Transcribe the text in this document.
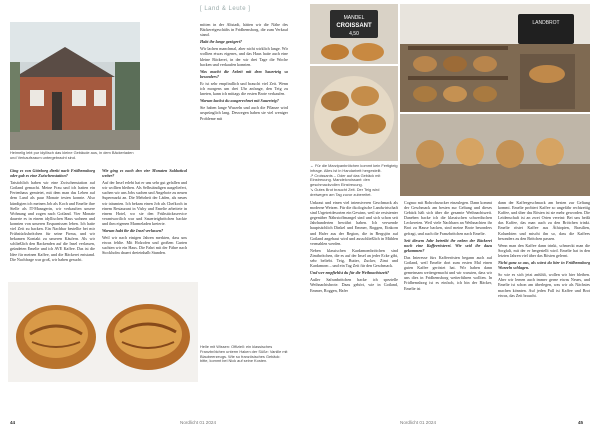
[ Land & Leute ]
Heimelig lebt pur idyllisch das kleine Gebäude aus, in dem Bäckerladen und Verkaufsraum untergebracht sind.

Ging es von Göteborg direkt nach Fridhemsborg oder gab es eine Zwischenstation?

Tatsächlich haben wir eine Zwischenstation auf Gotland gemacht. Meine Frau und ich hatten ein Ferienhaus gemietet, mit dem man das Leben auf dem Land als paar Monate testen konnte. Also kündigten ich meinen Job als Koch und Emelie ihre Stelle als IT-Managerin, wir verkauften unsere Wohnung und zogen nach Gotland. Vier Monate dauerte es in einem idyllischen Haus wohnen und konnten von unseren Ersparnissen leben. Ich hatte viel Zeit zu backen. Ein Nachbar bestellte bei mir Frühstücksbrötchen für seine Firma, und wir bekamen Kontakt zu unseren Käufern. Als wir schließlich den Backenden auf die Insel verlassen, gründeten Emelie und ich AVE Kaffee. Das ist die Idee für meinen Kaffee, und die Bäckerei entstand. Die Nachfrage war groß, wir haben gesucht.

Wie ging es nach den vier Monaten Sabbatical weiter?

Auf der Insel erlebt hat er uns sehr gut gefallen und wir wollten bleiben. Als Selbständigen ausgeliefert, suchen wir uns Jobs suchen und Angebote zu neuen Supermarkt an. Die Mehrheit der Läden, als neues wir träumten. Ich bekam einen Job als Chefkoch in einem Restaurant in Visby und Emelie arbeitete in einem Hotel, wo sie den Frühstücksservice verantwortlich war und Sauerteigbrötchen backte und ihm eigenen Marmeladen kreierte.

Warum habt ihr die Insel verlassen?

Weil wir nach einigen Jahren merkten, dass uns etwas fehlte. Mit Holzofen und großem Garten suchten wir ein Haus. Die Fahrt mit der Fähre nach Stockholm dauert dreieinhalb Stunden.

mitten in der Altstadt, hätten wir die Nähe des Bäckereigeschäfts in Fridhemsborg, die zum Verkauf stand.

Habt ihr lange gezögert?

Wir lachen manchmal, aber nicht wirklich lange. Wir wollten etwas eigenes, und das Haus hatte auch eine kleine Bäckerei, in der wir drei Tage die Woche backen und verkaufen konnten.

Was macht die Arbeit mit dem Sauerteig so besonders?

Er ist sehr empfindlich und braucht viel Zeit. Wenn ich morgens um drei Uhr anfange, den Teig zu kneten, kann ich mittags die ersten Brote verkaufen.

Warum backst du ausgerechnet mit Sauerteig?

Sie haben lange Wurzeln und auch die Pflanze wird ursprünglich lang. Deswegen haben sie viel weniger Probleme mit

Helle mit Wissen: Offiziell: ein klassisches Franzbrötchen unterm Haken der Süße: Vanille mit Blaubeerzeugs. Wie so französisches Gebäck: bitte, kommt bei Nick auf seine Kosten.
44	Nordlicht 01 2024
MANDEL
CROISSANT
4,50
LANDBROT
← Für die Marzipanbrötchen kommt kein Fertigteig infrage. Alles ist in Handarbeit hergestellt.
↗ Croissants – Oder auf das Gebäck mit Einstreuung. Mandelcroissant: den geschmackvollen Einstreuung.
↘ Gutes Brot braucht Zeit. Der Teig wird dreiwegen am Tag zuvor zubereitet.

Unkraut und einen viel intensiveren Geschmack als moderne Weizen. Für die ökologische Landwirtschaft sind Urgetreidesorten ein Gewinn, weil sie resistenter gegenüber Nährstoffmangel sind und sich schon seit Jahrhunderten bewährt haben. Ich verwende hauptsächlich Dinkel und Emmer, Roggen, Einkorn und Hafer aus der Region, die in Bergsjön auf Gotland angebaut wird und ausschließlich in Mühlen vermahlen werden.

Neben klassischen Kardamombrötchen sind Zimtbrötchen, die es auf der Insel an jeder Ecke gibt, sehr beliebt. Teig, Butter, Zucker, Zimt und Kardamom – und ein Tag Zeit für den Geschmack.

Und wer empfiehlst du für die Weihnachtszeit?

Außer Safranbrötchen backe ich spezielle Weihnachtsbrote. Dazu gehört, wie in Gotland, Emmer, Roggen, Hafer

Cognac mit Rohrohrzucker einzulegen. Dann kommt der Geschmack am besten zur Geltung und dieses Gebäck hält sich über die gesamte Weihnachtszeit. Daneben backe ich die klassischen schwedischen Leckereien. Weil viele Nachbarn an Weihnachten ihr Brot zu Hause backen, sind meine Brote besonders gefragt, und auch die Franzbrötchen nach Emelie.

Seit diesem Jahr betreibt ihr neben der Bäckerei noch eine Kaffeerösterei. Wie seid ihr dazu gekommen?

Das Interesse fürs Kaffeerösten begann auch auf Gotland, weil Emelie dort zum ersten Mal einen guten Kaffee geröstet hat. Wir haben dann gemeinsam weitergemacht und wir wussten, dass wir uns dies in Fridhemsborg weiterführen wollten. In Fridhemsborg ist es einfach, ich bin der Bäcker, Emelie ist

dann der Kaffeegeschmack am besten zur Geltung kommt. Emelie probiert Kaffee so ungefähr rechtzeitig Kaffee, und über das Rösten ist sie mehr geworden. Die Leidenschaft ist an zwei Orten vereint: Bei uns heißt das Kaffee, das man auch zu den Brötchen trinkt. Emelie röstet Kaffee aus Äthiopien, Brasilien, Kolumbien und mischt ihn so, dass die Kaffees besonders zu den Brötchen passen.

Wenn man den Kaffee dann trinkt, schmeckt man die Sorgfalt, mit der er hergestellt wird. Emelie hat in den letzten Jahren viel über das Rösten gelernt.

Nicht ganz so aus, als wärst du hier in Fridhemsborg Wurzeln schlagen.

So wie es sich jetzt anfühlt, wollen wir hier bleiben. Aber wir lernen auch immer gerne etwas Neues, und Emelie ist schon am überlegen, was wir als Nächstes machen könnten. Auf jeden Fall ist Kaffee und Brot etwas, das Zeit braucht.

Nordlicht 01 2024	45
